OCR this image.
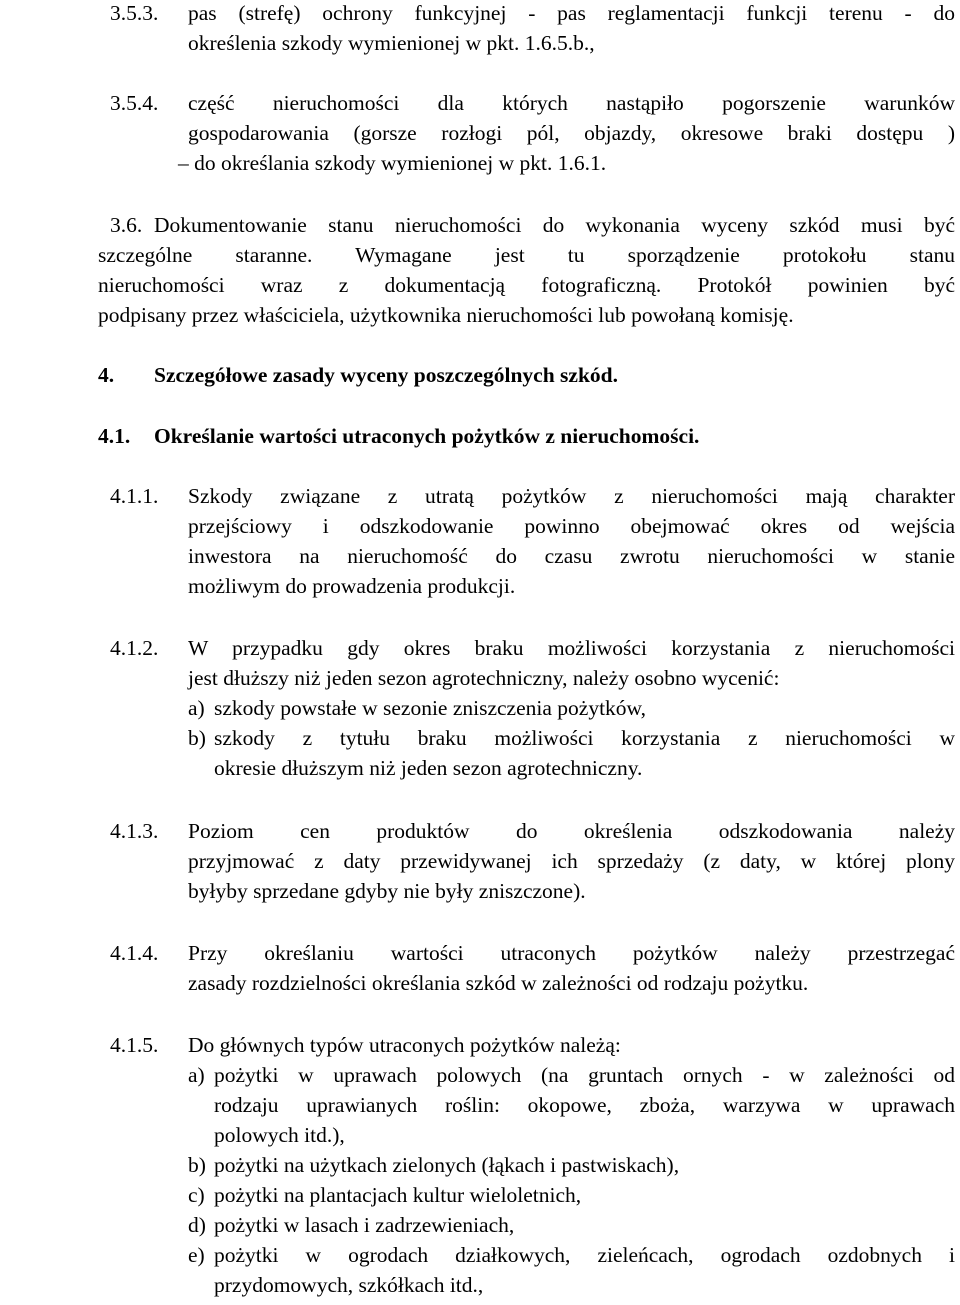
3.5.3. pas (strefę) ochrony funkcyjnej - pas reglamentacji funkcji terenu - do
określenia szkody wymienionej w pkt. 1.6.5.b.,
3.5.4. część nieruchomości dla których nastąpiło pogorszenie warunków
gospodarowania (gorsze rozłogi pól, objazdy, okresowe braki dostępu )
– do określania szkody wymienionej w pkt. 1.6.1.
3.6. Dokumentowanie stanu nieruchomości do wykonania wyceny szkód musi być
szczególne staranne. Wymagane jest tu sporządzenie protokołu stanu
nieruchomości wraz z dokumentacją fotograficzną. Protokół powinien być
podpisany przez właściciela, użytkownika nieruchomości lub powołaną komisję.
4.	Szczegółowe zasady wyceny poszczególnych szkód.
4.1.	Określanie wartości utraconych pożytków z nieruchomości.
4.1.1. Szkody związane z utratą pożytków z nieruchomości mają charakter
przejściowy i odszkodowanie powinno obejmować okres od wejścia
inwestora na nieruchomość do czasu zwrotu nieruchomości w stanie
możliwym do prowadzenia produkcji.
4.1.2. W przypadku gdy okres braku możliwości korzystania z nieruchomości
jest dłuższy niż jeden sezon agrotechniczny, należy osobno wycenić:
a) szkody powstałe w sezonie zniszczenia pożytków,
b) szkody z tytułu braku możliwości korzystania z nieruchomości w
okresie dłuższym niż jeden sezon agrotechniczny.
4.1.3. Poziom cen produktów do określenia odszkodowania należy
przyjmować z daty przewidywanej ich sprzedaży (z daty, w której plony
byłyby sprzedane gdyby nie były zniszczone).
4.1.4. Przy określaniu wartości utraconych pożytków należy przestrzegać
zasady rozdzielności określania szkód w zależności od rodzaju pożytku.
4.1.5. Do głównych typów utraconych pożytków należą:
a) pożytki w uprawach polowych (na gruntach ornych - w zależności od
rodzaju uprawianych roślin: okopowe, zboża, warzywa w uprawach
polowych itd.),
b) pożytki na użytkach zielonych (łąkach i pastwiskach),
c) pożytki na plantacjach kultur wieloletnich,
d) pożytki w lasach i zadrzewieniach,
e) pożytki w ogrodach działkowych, zieleńcach, ogrodach ozdobnych i
przydomowych, szkółkach itd.,
